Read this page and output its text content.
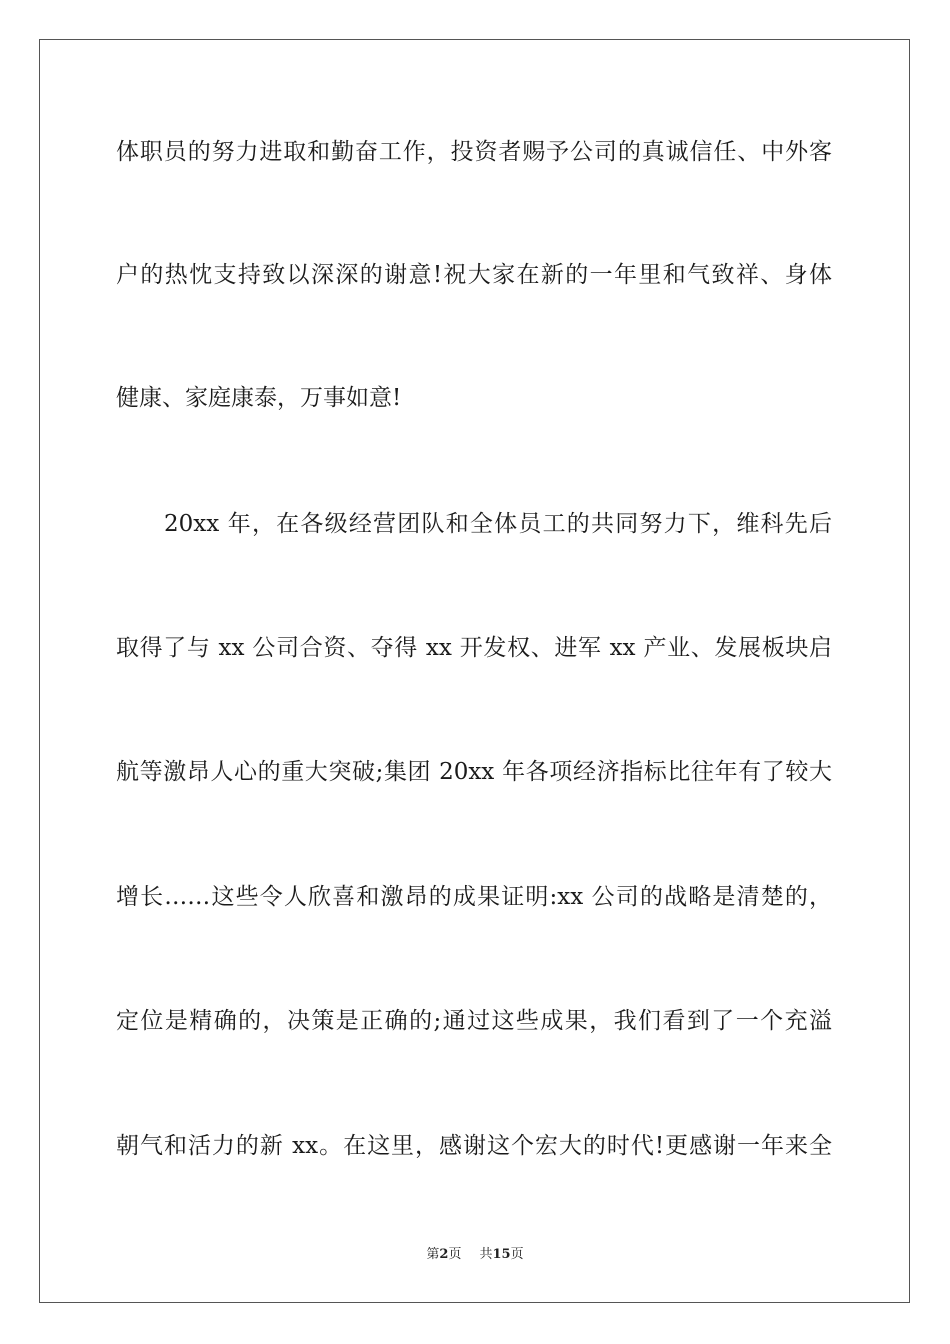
体职员的努力进取和勤奋工作，投资者赐予公司的真诚信任、中外客
户的热忱支持致以深深的谢意!祝大家在新的一年里和气致祥、身体
健康、家庭康泰，万事如意!
20xx 年，在各级经营团队和全体员工的共同努力下，维科先后
取得了与 xx 公司合资、夺得 xx 开发权、进军 xx 产业、发展板块启
航等激昂人心的重大突破;集团 20xx 年各项经济指标比往年有了较大
增长……这些令人欣喜和激昂的成果证明:xx 公司的战略是清楚的，
定位是精确的，决策是正确的;通过这些成果，我们看到了一个充溢
朝气和活力的新 xx。在这里，感谢这个宏大的时代!更感谢一年来全
第2页 共15页
